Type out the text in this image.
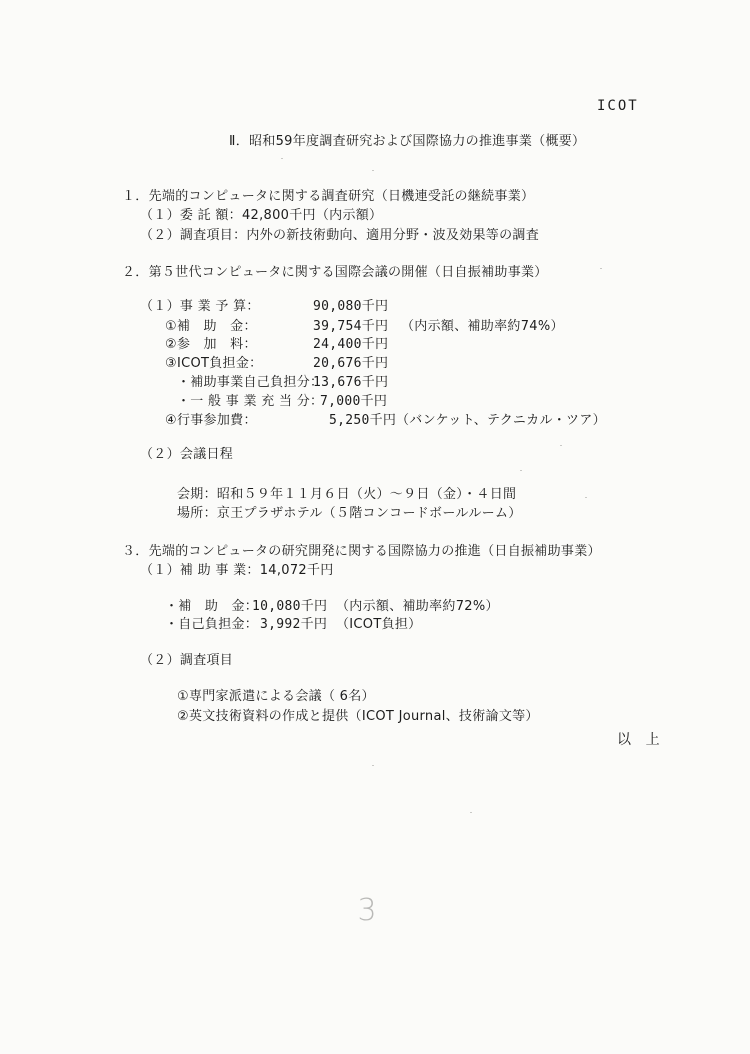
ICOT
Ⅱ．昭和59年度調査研究および国際協力の推進事業（概要）
１．先端的コンピュータに関する調査研究（日機連受託の継続事業）
（１）委 託 額：42,800千円（内示額）
（２）調査項目：内外の新技術動向、適用分野・波及効果等の調査
２．第５世代コンピュータに関する国際会議の開催（日自振補助事業）
（１）事 業 予 算：	90,080千円
①補　助　金：	39,754千円 （内示額、補助率約74%）
②参　加　料：	24,400千円
③ICOT負担金：	20,676千円
・補助事業自己負担分：
13,676千円
・一 般 事 業 充 当 分：
7,000千円
④行事参加費：	5,250千円 （バンケット、テクニカル・ツア）
（２）会議日程
会期：昭和５９年１１月６日（火）～９日（金）・４日間
場所：京王プラザホテル（５階コンコードボールルーム）
３．先端的コンピュータの研究開発に関する国際協力の推進（日自振補助事業）
（１）補 助 事 業：14,072千円
・補　助　金：
10,080千円 （内示額、補助率約72%）
・自己負担金： 3,992千円 （ICOT負担）
（２）調査項目
①専門家派遣による会議（ 6名）
②英文技術資料の作成と提供（ICOT Journal、技術論文等）
以　上
3
